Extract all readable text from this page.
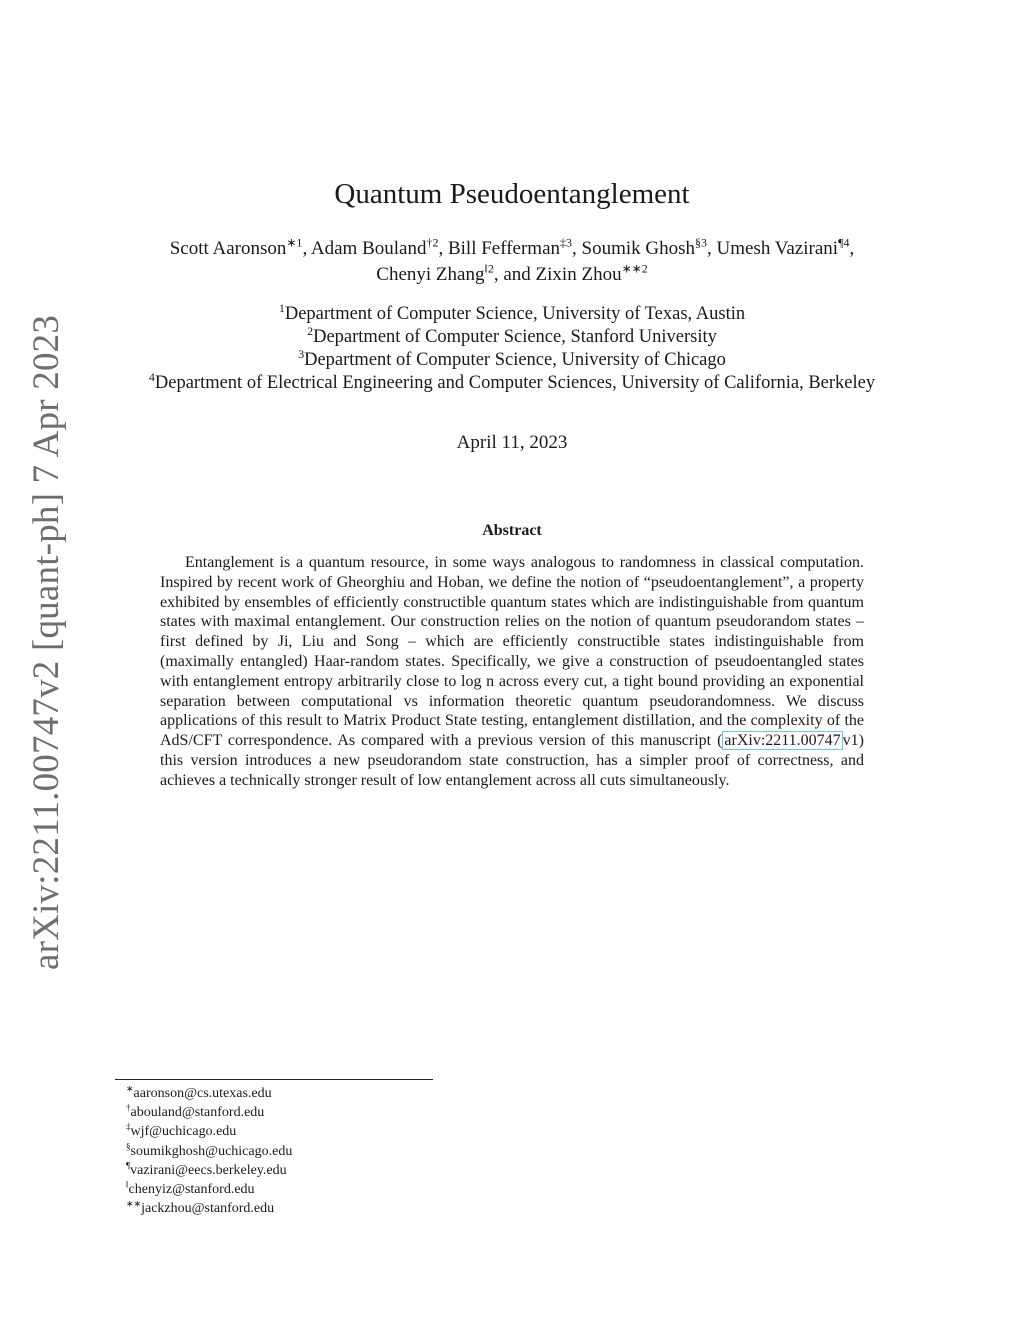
arXiv:2211.00747v2 [quant-ph] 7 Apr 2023
Quantum Pseudoentanglement
Scott Aaronson$^{∗1}$, Adam Bouland$^{\dagger 2}$, Bill Fefferman$^{\ddagger 3}$, Soumik Ghosh$^{\S 3}$, Umesh Vazirani$^{\P 4}$,
Chenyi Zhang$^{‖2}$, and Zixin Zhou$^{∗∗2}$
$^1$Department of Computer Science, University of Texas, Austin
$^2$Department of Computer Science, Stanford University
$^3$Department of Computer Science, University of Chicago
$^4$Department of Electrical Engineering and Computer Sciences, University of California, Berkeley
April 11, 2023
Abstract
Entanglement is a quantum resource, in some ways analogous to randomness in classical computation. Inspired by recent work of Gheorghiu and Hoban, we define the notion of “pseudoentanglement”, a property exhibited by ensembles of efficiently constructible quantum states which are indistinguishable from quantum states with maximal entanglement. Our construction relies on the notion of quantum pseudorandom states – first defined by Ji, Liu and Song – which are efficiently constructible states indistinguishable from (maximally entangled) Haar-random states. Specifically, we give a construction of pseudoentangled states with entanglement entropy arbitrarily close to log n across every cut, a tight bound providing an exponential separation between computational vs information theoretic quantum pseudorandomness. We discuss applications of this result to Matrix Product State testing, entanglement distillation, and the complexity of the AdS/CFT correspondence. As compared with a previous version of this manuscript ( arXiv:2211.00747 v1) this version introduces a new pseudorandom state construction, has a simpler proof of correctness, and achieves a technically stronger result of low entanglement across all cuts simultaneously.
∗aaronson@cs.utexas.edu
†abouland@stanford.edu
‡wjf@uchicago.edu
§soumikghosh@uchicago.edu
¶vazirani@eecs.berkeley.edu
‖chenyiz@stanford.edu
∗∗jackzhou@stanford.edu
